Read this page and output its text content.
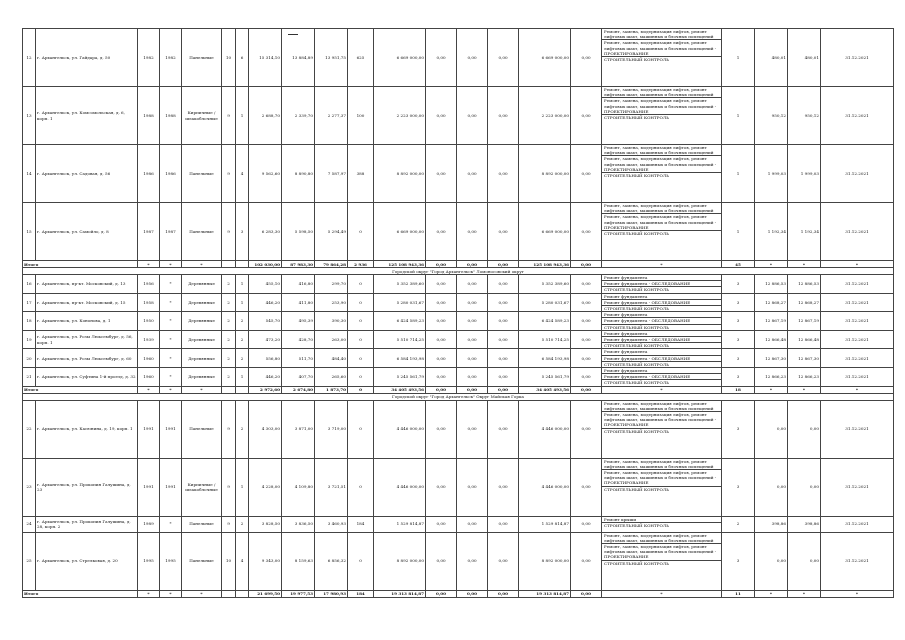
12	г. Архангельск, ул. Гайдара, д. 50	1982	1982	Панельные	10	6	15 314,10	13 884,89	13 951,75	625	6 669 000,00	0,00	0,00	0,00	6 669 000,00	0,00	Ремонт, замена, модернизация лифтов, ремонт лифтовых шахт, машинных и блочных помещений
Ремонт, замена, модернизация лифтов, ремонт лифтовых шахт, машинных и блочных помещений - ПРОЕКТИРОВАНИЕ
СТРОИТЕЛЬНЫЙ КОНТРОЛЬ	1	480,01	480,01	31.12.2021
13	г. Архангельск, ул. Комсомольская, д. 6, корп. 1	1988	1988	Кирпичные / шлакоблочные	9	1	2 688,70	2 339,70	2 277,37	100	2 223 000,00	0,00	0,00	0,00	2 223 000,00	0,00	Ремонт, замена, модернизация лифтов, ремонт лифтовых шахт, машинных и блочных помещений
Ремонт, замена, модернизация лифтов, ремонт лифтовых шахт, машинных и блочных помещений - ПРОЕКТИРОВАНИЕ
СТРОИТЕЛЬНЫЙ КОНТРОЛЬ	1	950,12	950,12	31.12.2021
14	г. Архангельск, ул. Садовая, д. 56	1986	1986	Панельные	9	4	9 562,60	8 890,80	7 587,97	388	8 892 000,00	0,00	0,00	0,00	8 892 000,00	0,00	Ремонт, замена, модернизация лифтов, ремонт лифтовых шахт, машинных и блочных помещений
Ремонт, замена, модернизация лифтов, ремонт лифтовых шахт, машинных и блочных помещений - ПРОЕКТИРОВАНИЕ
СТРОИТЕЛЬНЫЙ КОНТРОЛЬ	1	1 999,03	1 999,03	31.12.2021
15	г. Архангельск, ул. Самойло, д. 8	1987	1987	Панельные	9	3	6 283,30	5 598,50	5 294,49	0	6 669 000,00	0,00	0,00	0,00	6 669 000,00	0,00	Ремонт, замена, модернизация лифтов, ремонт лифтовых шахт, машинных и блочных помещений
Ремонт, замена, модернизация лифтов, ремонт лифтовых шахт, машинных и блочных помещений - ПРОЕКТИРОВАНИЕ
СТРОИТЕЛЬНЫЙ КОНТРОЛЬ	1	1 192,34	1 192,34	31.12.2021
Итого		*	*	*			102 030,00	87 983,30	79 864,28	2 936	125 108 943,36	0,00	0,00	0,00	125 108 943,36	0,00	*	45	*	*	*
Городской округ "Город Архангельск" Ломоносовский округ																					
16	г. Архангельск, пр-кт. Московский, д. 13	1956	*	Деревянные	2	1	455,10	416,80	299,70	0	5 352 389,60	0,00	0,00	0,00	5 352 389,60	0,00	Ремонт фундамента
Ремонт фундамента - ОБСЛЕДОВАНИЕ
СТРОИТЕЛЬНЫЙ КОНТРОЛЬ	3	12 886,53	12 886,53	31.12.2021
17	г. Архангельск, пр-кт. Московский, д. 15	1958	*	Деревянные	2	1	446,20	411,80	253,90	0	5 280 031,67	0,00	0,00	0,00	5 280 031,67	0,00	Ремонт фундамента
Ремонт фундамента - ОБСЛЕДОВАНИЕ
СТРОИТЕЛЬНЫЙ КОНТРОЛЬ	3	12 868,27	12 868,27	31.12.2021
18	г. Архангельск, ул. Кононова, д. 1	1950	*	Деревянные	2	2	545,70	495,39	390,30	0	6 424 589,23	0,00	0,00	0,00	6 424 589,23	0,00	Ремонт фундамента
Ремонт фундамента - ОБСЛЕДОВАНИЕ
СТРОИТЕЛЬНЫЙ КОНТРОЛЬ	3	12 867,19	12 867,19	31.12.2021
19	г. Архангельск, ул. Розы Люксембург, д. 56, корп. 1	1939	*	Деревянные	2	2	473,20	428,70	263,00	0	5 510 714,25	0,00	0,00	0,00	5 510 714,25	0,00	Ремонт фундамента
Ремонт фундамента - ОБСЛЕДОВАНИЕ
СТРОИТЕЛЬНЫЙ КОНТРОЛЬ	3	12 866,48	12 866,48	31.12.2021
20	г. Архангельск, ул. Розы Люксембург, д. 60	1960	*	Деревянные	2	2	556,80	511,70	484,40	0	6 584 193,98	0,00	0,00	0,00	6 584 193,98	0,00	Ремонт фундамента
Ремонт фундамента - ОБСЛЕДОВАНИЕ
СТРОИТЕЛЬНЫЙ КОНТРОЛЬ	3	12 867,30	12 867,30	31.12.2021
21	г. Архангельск, ул. Суфтина 1-й проезд, д. 32	1960	*	Деревянные	2	1	446,20	407,70	265,60	0	5 245 561,79	0,00	0,00	0,00	5 245 561,79	0,00	Ремонт фундамента
Ремонт фундамента - ОБСЛЕДОВАНИЕ
СТРОИТЕЛЬНЫЙ КОНТРОЛЬ	3	12 866,23	12 866,23	31.12.2021
Итого		*	*	*			2 972,60	2 674,80	1 873,70	0	34 405 493,56	0,00	0,00	0,00	34 405 493,56	0,00	*	18	*	*	*
Городской округ "Город Архангельск" Округ Майская Горка																					
22	г. Архангельск, ул. Касюнина, д. 19, корп. 1	1991	1991	Панельные	9	2	4 303,00	3 871,00	3 719,00	0	4 446 000,00	0,00	0,00	0,00	4 446 000,00	0,00	Ремонт, замена, модернизация лифтов, ремонт лифтовых шахт, машинных и блочных помещений
Ремонт, замена, модернизация лифтов, ремонт лифтовых шахт, машинных и блочных помещений - ПРОЕКТИРОВАНИЕ
СТРОИТЕЛЬНЫЙ КОНТРОЛЬ	3	0,00	0,00	31.12.2021
23	г. Архангельск, ул. Прокопия Галушина, д. 23	1991	1991	Кирпичные / шлакоблочные	9	1	4 228,00	4 109,80	3 721,51	0	4 446 000,00	0,00	0,00	0,00	4 446 000,00	0,00	Ремонт, замена, модернизация лифтов, ремонт лифтовых шахт, машинных и блочных помещений
Ремонт, замена, модернизация лифтов, ремонт лифтовых шахт, машинных и блочных помещений - ПРОЕКТИРОВАНИЕ
СТРОИТЕЛЬНЫЙ КОНТРОЛЬ	3	0,00	0,00	31.12.2021
24	г. Архангельск, ул. Прокопия Галушина, д. 28, корп. 2	1989	*	Панельные	9	2	3 828,50	3 836,50	3 460,93	184	1 529 814,87	0,00	0,00	0,00	1 529 814,87	0,00	Ремонт крыши
СТРОИТЕЛЬНЫЙ КОНТРОЛЬ	2	398,86	398,86	31.12.2021
25	г. Архангельск, ул. Стрелковая, д. 20	1995	1995	Панельные	10	4	9 343,00	8 159,63	6 856,32	0	8 892 000,00	0,00	0,00	0,00	8 892 000,00	0,00	Ремонт, замена, модернизация лифтов, ремонт лифтовых шахт, машинных и блочных помещений
Ремонт, замена, модернизация лифтов, ремонт лифтовых шахт, машинных и блочных помещений - ПРОЕКТИРОВАНИЕ
СТРОИТЕЛЬНЫЙ КОНТРОЛЬ	3	0,00	0,00	31.12.2021
Итого		*	*	*			21 699,50	19 977,53	17 980,93	184	19 313 814,87	0,00	0,00	0,00	19 313 814,87	0,00	*	11	*	*	*
